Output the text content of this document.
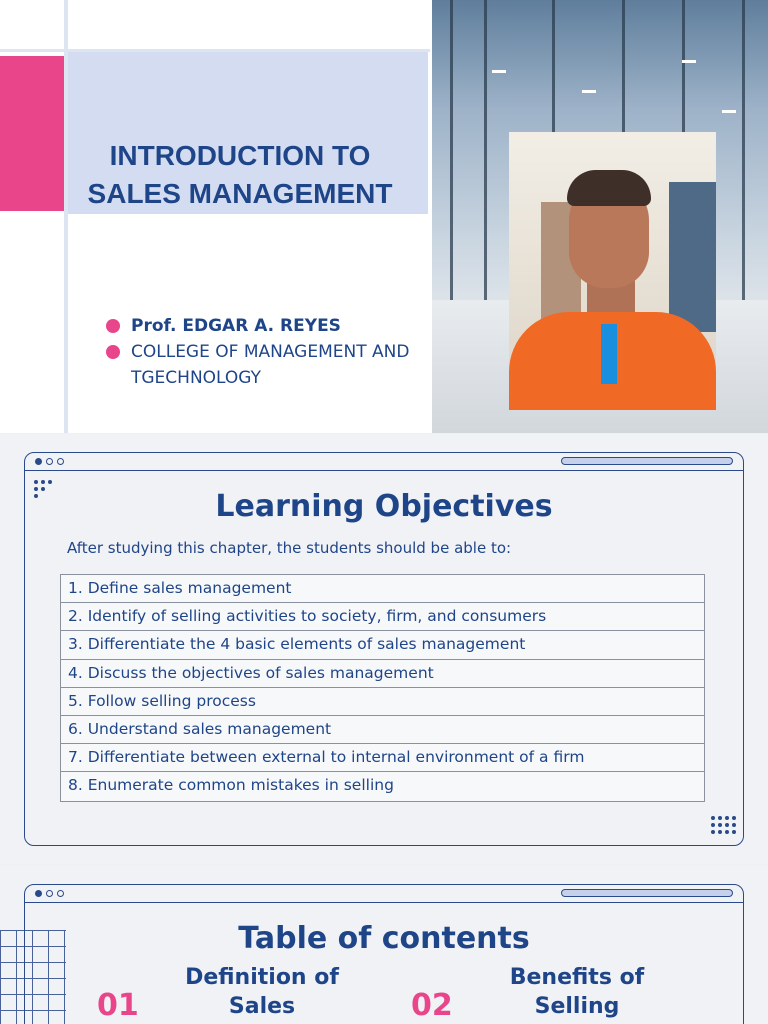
INTRODUCTION TO SALES MANAGEMENT
Prof. EDGAR A. REYES
COLLEGE OF MANAGEMENT AND TGECHNOLOGY
Learning Objectives

After studying this chapter, the students should be able to:

1. Define sales management
2. Identify of selling activities to society, firm, and consumers
3. Differentiate the 4 basic elements of sales management
4. Discuss the objectives of sales management
5. Follow selling process
6. Understand sales management
7. Differentiate between external to internal environment of a firm
8. Enumerate common mistakes in selling
Table of contents
01
Definition of Sales	02
Benefits of Selling
